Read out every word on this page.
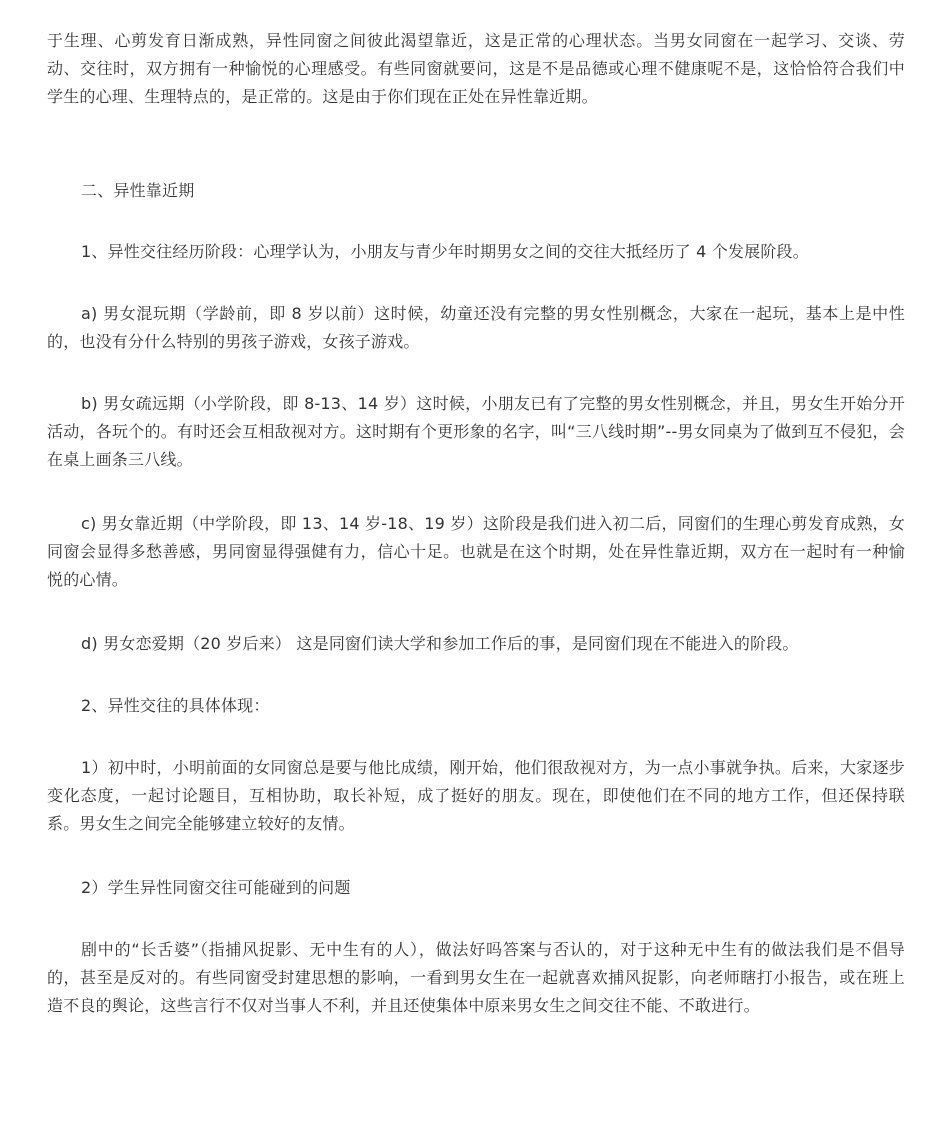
于生理、心剪发育日渐成熟，异性同窗之间彼此渴望靠近，这是正常的心理状态。当男女同窗在一起学习、交谈、劳动、交往时，双方拥有一种愉悦的心理感受。有些同窗就要问，这是不是品德或心理不健康呢不是，这恰恰符合我们中学生的心理、生理特点的，是正常的。这是由于你们现在正处在异性靠近期。

二、异性靠近期

1、异性交往经历阶段：心理学认为，小朋友与青少年时期男女之间的交往大抵经历了 4 个发展阶段。

a) 男女混玩期（学龄前，即 8 岁以前）这时候，幼童还没有完整的男女性别概念，大家在一起玩，基本上是中性的，也没有分什么特别的男孩子游戏，女孩子游戏。

b) 男女疏远期（小学阶段，即 8-13、14 岁）这时候，小朋友已有了完整的男女性别概念，并且，男女生开始分开活动，各玩个的。有时还会互相敌视对方。这时期有个更形象的名字，叫“三八线时期”--男女同桌为了做到互不侵犯，会在桌上画条三八线。

c) 男女靠近期（中学阶段，即 13、14 岁-18、19 岁）这阶段是我们进入初二后，同窗们的生理心剪发育成熟，女同窗会显得多愁善感，男同窗显得强健有力，信心十足。也就是在这个时期，处在异性靠近期，双方在一起时有一种愉悦的心情。

d) 男女恋爱期（20 岁后来） 这是同窗们读大学和参加工作后的事，是同窗们现在不能进入的阶段。

2、异性交往的具体体现：

1）初中时，小明前面的女同窗总是要与他比成绩，刚开始，他们很敌视对方，为一点小事就争执。后来，大家逐步变化态度，一起讨论题目，互相协助，取长补短，成了挺好的朋友。现在，即使他们在不同的地方工作，但还保持联系。男女生之间完全能够建立较好的友情。

2）学生异性同窗交往可能碰到的问题

剧中的“长舌婆”（指捕风捉影、无中生有的人），做法好吗答案与否认的，对于这种无中生有的做法我们是不倡导的，甚至是反对的。有些同窗受封建思想的影响，一看到男女生在一起就喜欢捕风捉影，向老师瞎打小报告，或在班上造不良的舆论，这些言行不仅对当事人不利，并且还使集体中原来男女生之间交往不能、不敢进行。
